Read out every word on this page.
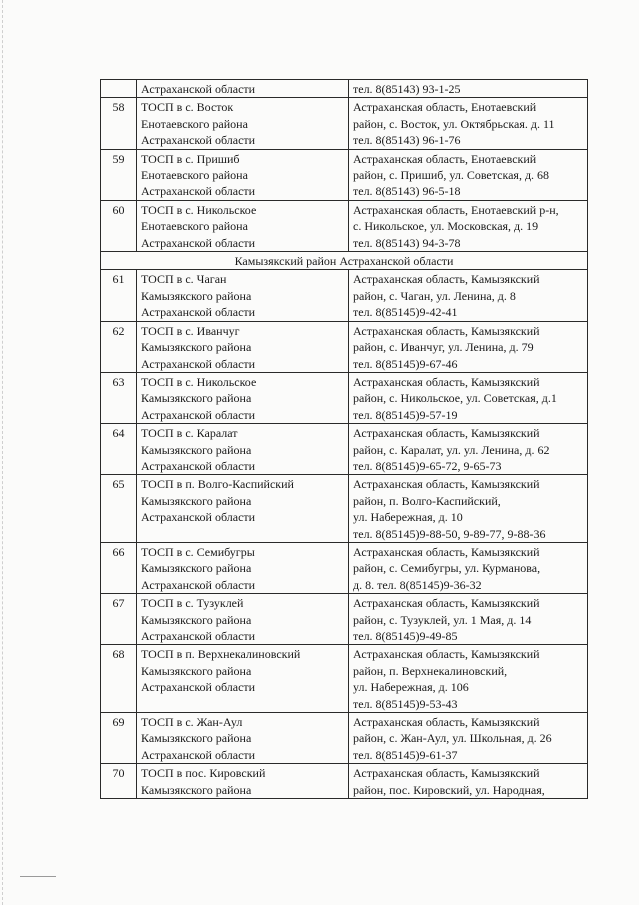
	Астраханской области	тел. 8(85143) 93-1-25

58	ТОСП в с. Восток
Енотаевского района
Астраханской области	Астраханская область, Енотаевский
район, с. Восток, ул. Октябрьская. д. 11
тел. 8(85143) 96-1-76

59	ТОСП в с. Пришиб
Енотаевского района
Астраханской области	Астраханская область, Енотаевский
район, с. Пришиб, ул. Советская, д. 68
тел. 8(85143) 96-5-18

60	ТОСП в с. Никольское
Енотаевского района
Астраханской области	Астраханская область, Енотаевский р-н,
с. Никольское, ул. Московская, д. 19
тел. 8(85143) 94-3-78

Камызякский район Астраханской области		
61	ТОСП в с. Чаган
Камызякского района
Астраханской области	Астраханская область, Камызякский
район, с. Чаган, ул. Ленина, д. 8
тел. 8(85145)9-42-41

62	ТОСП в с. Иванчуг
Камызякского района
Астраханской области	Астраханская область, Камызякский
район, с. Иванчуг, ул. Ленина, д. 79
тел. 8(85145)9-67-46

63	ТОСП в с. Никольское
Камызякского района
Астраханской области	Астраханская область, Камызякский
район, с. Никольское, ул. Советская, д.1
тел. 8(85145)9-57-19

64	ТОСП в с. Каралат
Камызякского района
Астраханской области	Астраханская область, Камызякский
район, с. Каралат, ул. ул. Ленина, д. 62
тел. 8(85145)9-65-72, 9-65-73

65	ТОСП в п. Волго-Каспийский
Камызякского района
Астраханской области	Астраханская область, Камызякский
район, п. Волго-Каспийский,
ул. Набережная, д. 10
тел. 8(85145)9-88-50, 9-89-77, 9-88-36

66	ТОСП в с. Семибугры
Камызякского района
Астраханской области	Астраханская область, Камызякский
район, с. Семибугры, ул. Курманова,
д. 8. тел. 8(85145)9-36-32

67	ТОСП в с. Тузуклей
Камызякского района
Астраханской области	Астраханская область, Камызякский
район, с. Тузуклей, ул. 1 Мая, д. 14
тел. 8(85145)9-49-85

68	ТОСП в п. Верхнекалиновский
Камызякского района
Астраханской области	Астраханская область, Камызякский
район, п. Верхнекалиновский,
ул. Набережная, д. 106
тел. 8(85145)9-53-43

69	ТОСП в с. Жан-Аул
Камызякского района
Астраханской области	Астраханская область, Камызякский
район, с. Жан-Аул, ул. Школьная, д. 26
тел. 8(85145)9-61-37

70	ТОСП в пос. Кировский
Камызякского района	Астраханская область, Камызякский
район, пос. Кировский, ул. Народная,
